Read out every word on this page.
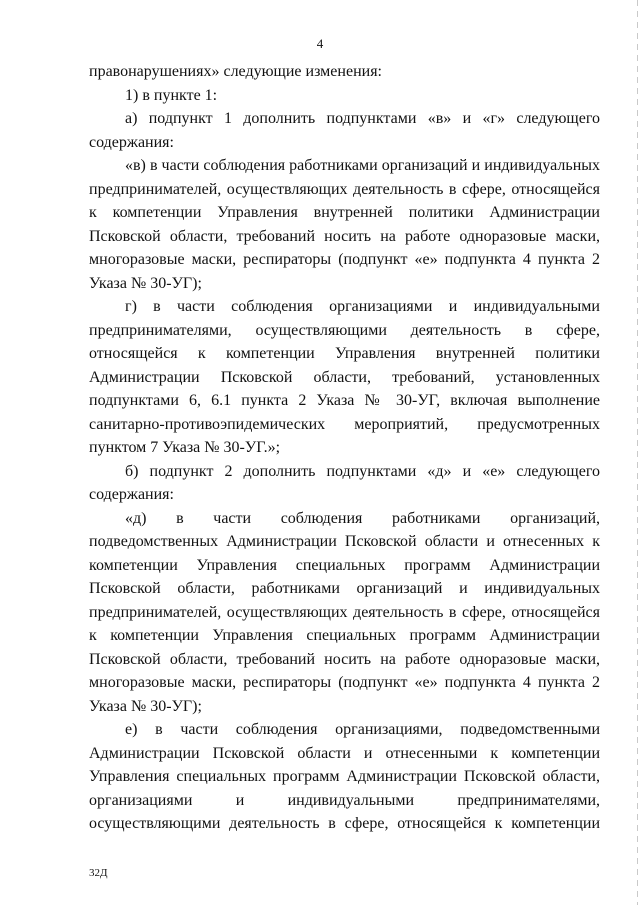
4

правонарушениях» следующие изменения:

1) в пункте 1:

а) подпункт 1 дополнить подпунктами «в» и «г» следующего содержания:

«в) в части соблюдения работниками организаций и индивидуальных предпринимателей, осуществляющих деятельность в сфере, относящейся к компетенции Управления внутренней политики Администрации Псковской области, требований носить на работе одноразовые маски, многоразовые маски, респираторы (подпункт «е» подпункта 4 пункта 2 Указа № 30-УГ);

г) в части соблюдения организациями и индивидуальными предпринимателями, осуществляющими деятельность в сфере, относящейся к компетенции Управления внутренней политики Администрации Псковской области, требований, установленных подпунктами 6, 6.1 пункта 2 Указа № 30-УГ, включая выполнение санитарно-противоэпидемических мероприятий, предусмотренных пунктом 7 Указа № 30-УГ.»;

б) подпункт 2 дополнить подпунктами «д» и «е» следующего содержания:

«д) в части соблюдения работниками организаций, подведомственных Администрации Псковской области и отнесенных к компетенции Управления специальных программ Администрации Псковской области, работниками организаций и индивидуальных предпринимателей, осуществляющих деятельность в сфере, относящейся к компетенции Управления специальных программ Администрации Псковской области, требований носить на работе одноразовые маски, многоразовые маски, респираторы (подпункт «е» подпункта 4 пункта 2 Указа № 30-УГ);

е) в части соблюдения организациями, подведомственными Администрации Псковской области и отнесенными к компетенции Управления специальных программ Администрации Псковской области, организациями и индивидуальными предпринимателями, осуществляющими деятельность в сфере, относящейся к компетенции

32Д
